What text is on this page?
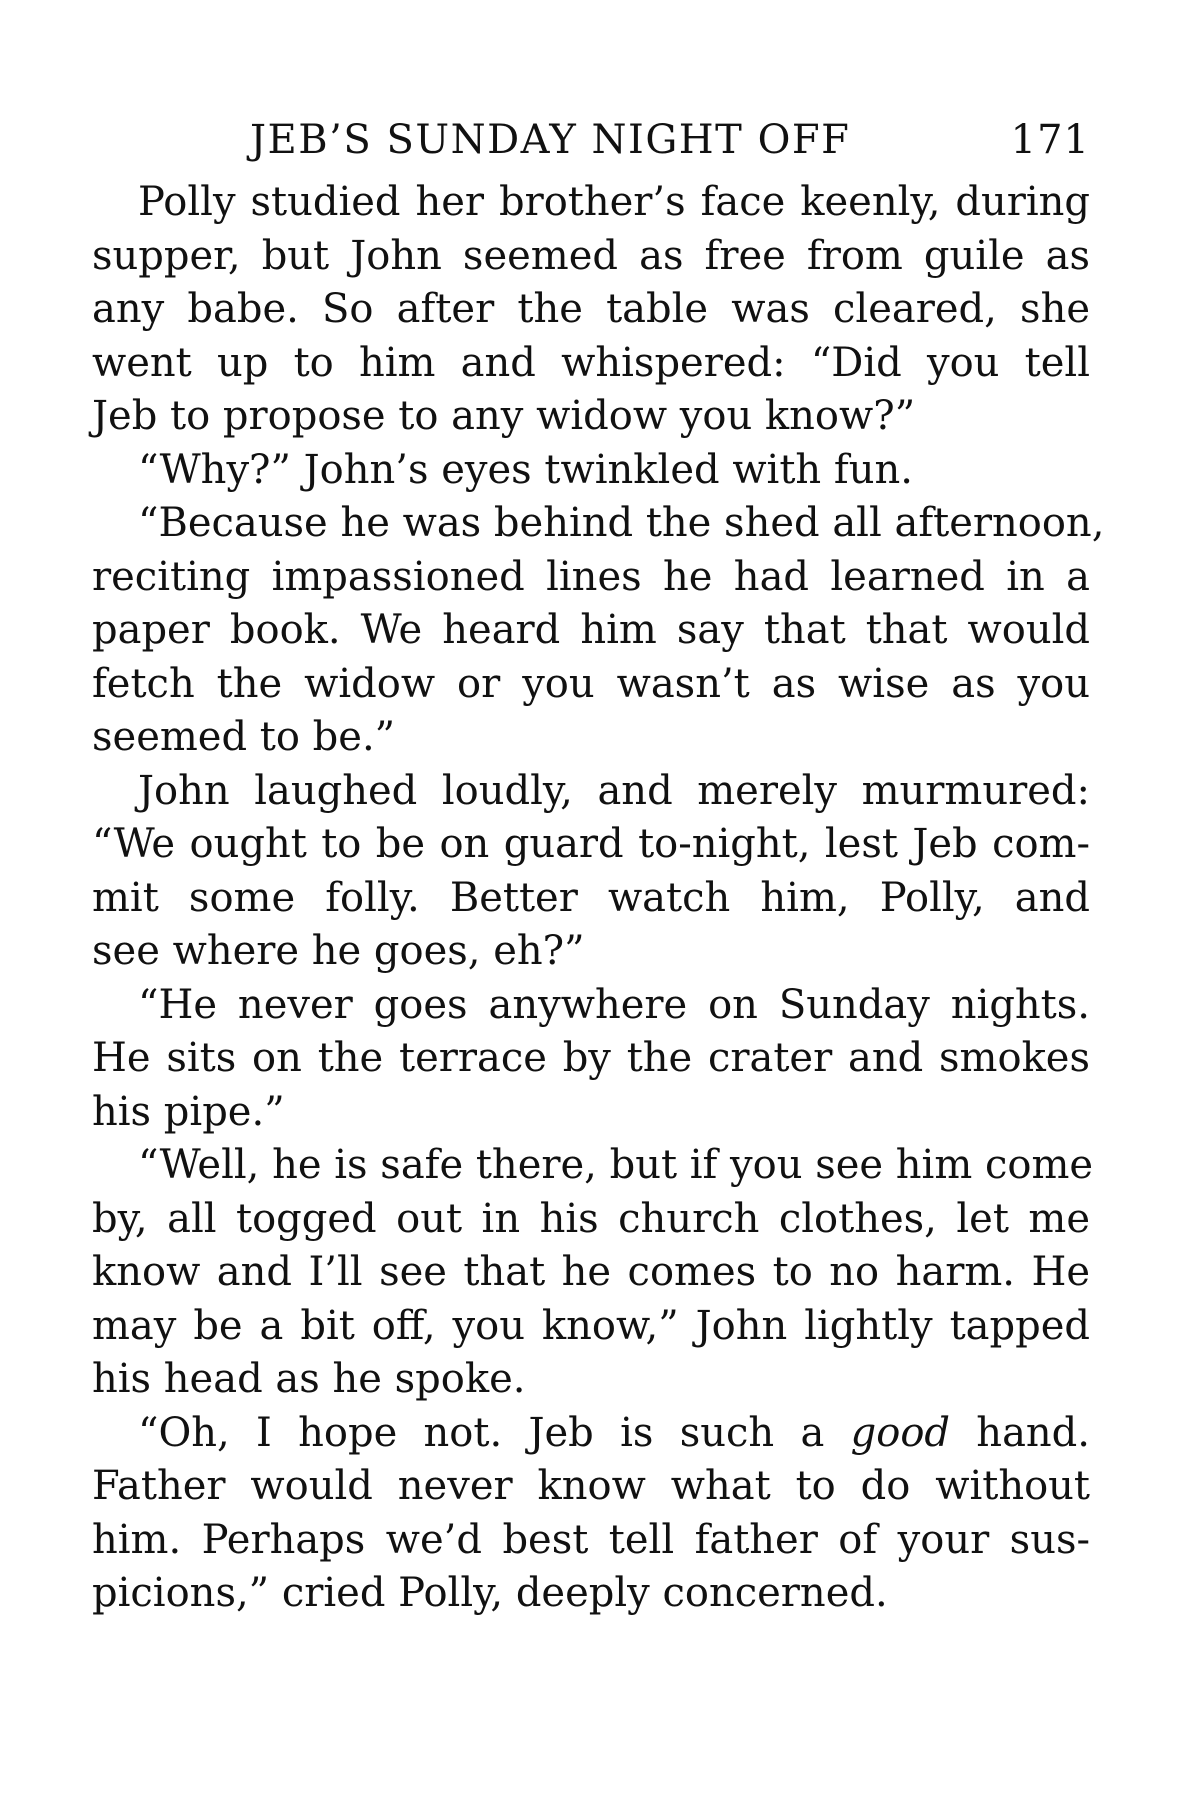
JEB’S SUNDAY NIGHT OFF	171
Polly studied her brother’s face keenly, during
supper, but John seemed as free from guile as
any babe. So after the table was cleared, she
went up to him and whispered: “Did you tell
Jeb to propose to any widow you know?”
“Why?” John’s eyes twinkled with fun.
“Because he was behind the shed all afternoon,
reciting impassioned lines he had learned in a
paper book. We heard him say that that would
fetch the widow or you wasn’t as wise as you
seemed to be.”
John laughed loudly, and merely murmured:
“We ought to be on guard to-night, lest Jeb com-
mit some folly. Better watch him, Polly, and
see where he goes, eh?”
“He never goes anywhere on Sunday nights.
He sits on the terrace by the crater and smokes
his pipe.”
“Well, he is safe there, but if you see him come
by, all togged out in his church clothes, let me
know and I’ll see that he comes to no harm. He
may be a bit off, you know,” John lightly tapped
his head as he spoke.
“Oh, I hope not. Jeb is such a good hand.
Father would never know what to do without
him. Perhaps we’d best tell father of your sus-
picions,” cried Polly, deeply concerned.
